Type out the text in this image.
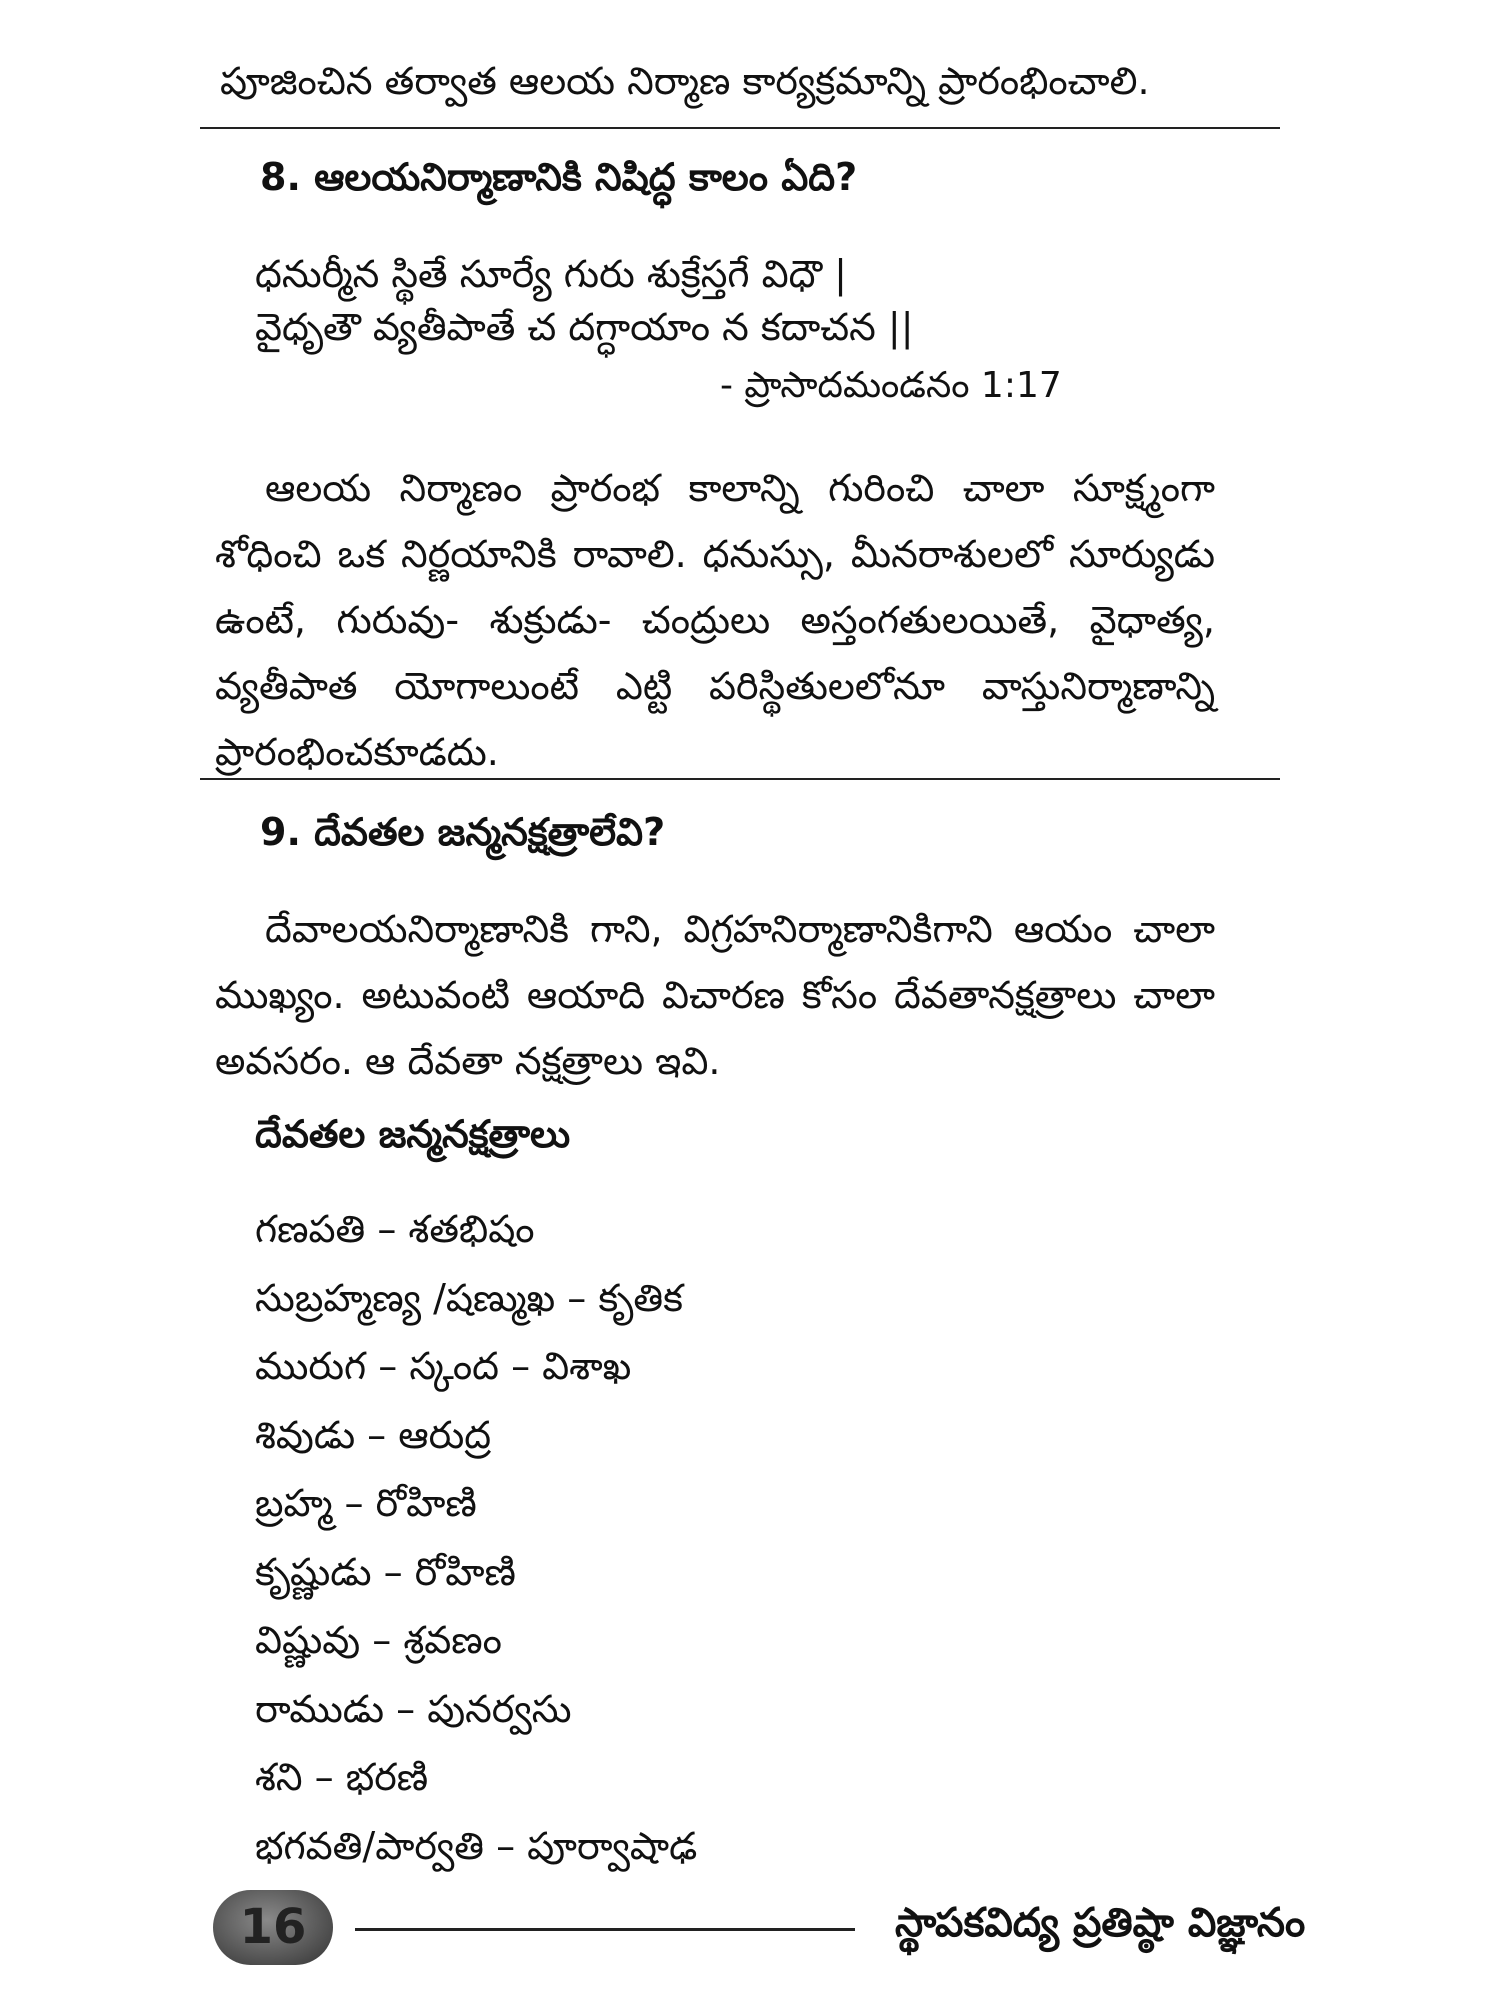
పూజించిన తర్వాత ఆలయ నిర్మాణ కార్యక్రమాన్ని ప్రారంభించాలి.
8. ఆలయనిర్మాణానికి నిషిద్ధ కాలం ఏది?
ధనుర్మీన స్థితే సూర్యే గురు శుక్రేస్తగే విధౌ |
వైధృతౌ వ్యతీపాతే చ దగ్ధాయాం న కదాచన ||
- ప్రాసాదమండనం 1:17
ఆలయ నిర్మాణం ప్రారంభ కాలాన్ని గురించి చాలా సూక్ష్మంగా శోధించి ఒక నిర్ణయానికి రావాలి. ధనుస్సు, మీనరాశులలో సూర్యుడు ఉంటే, గురువు- శుక్రుడు- చంద్రులు అస్తంగతులయితే, వైధాత్య, వ్యతీపాత యోగాలుంటే ఎట్టి పరిస్థితులలోనూ వాస్తునిర్మాణాన్ని ప్రారంభించకూడదు.
9. దేవతల జన్మనక్షత్రాలేవి?
దేవాలయనిర్మాణానికి గాని, విగ్రహనిర్మాణానికిగాని ఆయం చాలా ముఖ్యం. అటువంటి ఆయాది విచారణ కోసం దేవతానక్షత్రాలు చాలా అవసరం. ఆ దేవతా నక్షత్రాలు ఇవి.
దేవతల జన్మనక్షత్రాలు
గణపతి – శతభిషం
సుబ్రహ్మణ్య /షణ్ముఖ – కృతిక
మురుగ – స్కంద – విశాఖ
శివుడు – ఆరుద్ర
బ్రహ్మ – రోహిణి
కృష్ణుడు – రోహిణి
విష్ణువు – శ్రవణం
రాముడు – పునర్వసు
శని – భరణి
భగవతి/పార్వతి – పూర్వాషాఢ
16	స్థాపకవిద్య ప్రతిష్ఠా విజ్ఞానం
